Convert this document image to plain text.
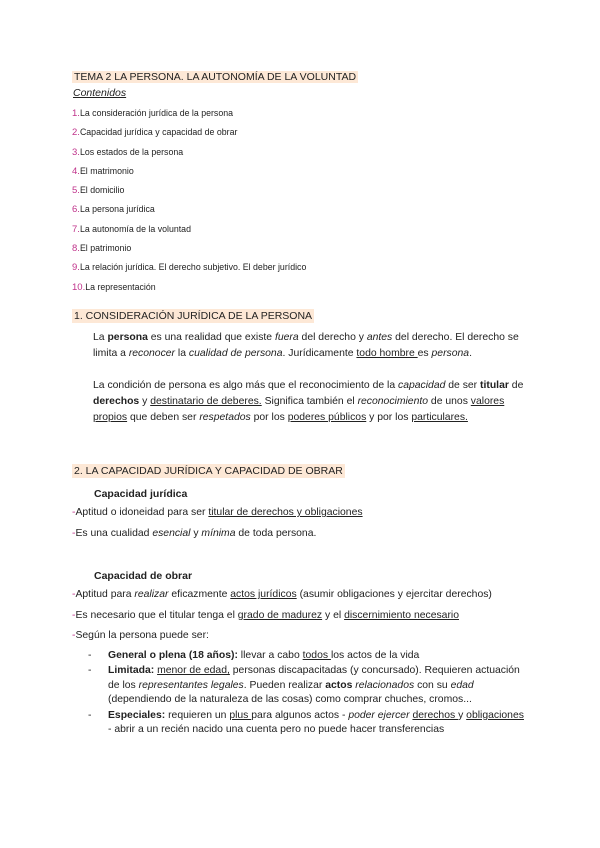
TEMA 2 LA PERSONA. LA AUTONOMÍA DE LA VOLUNTAD
Contenidos
1.La consideración jurídica de la persona
2.Capacidad jurídica y capacidad de obrar
3.Los estados de la persona
4.El matrimonio
5.El domicilio
6.La persona jurídica
7.La autonomía de la voluntad
8.El patrimonio
9.La relación jurídica. El derecho subjetivo. El deber jurídico
10.La representación
1. CONSIDERACIÓN JURÍDICA DE LA PERSONA

La persona es una realidad que existe fuera del derecho y antes del derecho. El derecho se limita a reconocer la cualidad de persona. Jurídicamente todo hombre es persona.

La condición de persona es algo más que el reconocimiento de la capacidad de ser titular de derechos y destinatario de deberes. Significa también el reconocimiento de unos valores propios que deben ser respetados por los poderes públicos y por los particulares.

2. LA CAPACIDAD JURÍDICA Y CAPACIDAD DE OBRAR
Capacidad jurídica
-Aptitud o idoneidad para ser titular de derechos y obligaciones
-Es una cualidad esencial y mínima de toda persona.
Capacidad de obrar
-Aptitud para realizar eficazmente actos jurídicos (asumir obligaciones y ejercitar derechos)
-Es necesario que el titular tenga el grado de madurez y el discernimiento necesario
-Según la persona puede ser:
- General o plena (18 años): llevar a cabo todos los actos de la vida
- Limitada: menor de edad, personas discapacitadas (y concursado). Requieren actuación de los representantes legales. Pueden realizar actos relacionados con su edad (dependiendo de la naturaleza de las cosas) como comprar chuches, cromos...
- Especiales: requieren un plus para algunos actos - poder ejercer derechos y obligaciones - abrir a un recién nacido una cuenta pero no puede hacer transferencias
